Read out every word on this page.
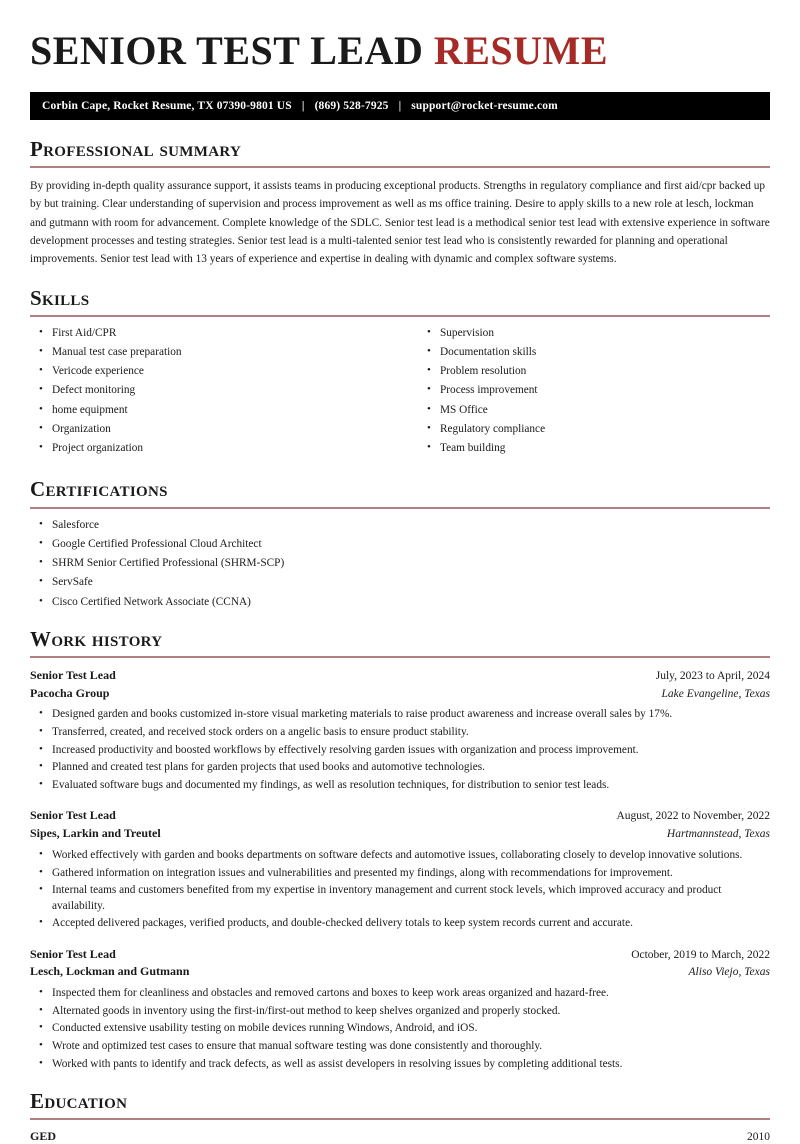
SENIOR TEST LEAD RESUME
Corbin Cape, Rocket Resume, TX 07390-9801 US | (869) 528-7925 | support@rocket-resume.com
Professional summary

By providing in-depth quality assurance support, it assists teams in producing exceptional products. Strengths in regulatory compliance and first aid/cpr backed up by but training. Clear understanding of supervision and process improvement as well as ms office training. Desire to apply skills to a new role at lesch, lockman and gutmann with room for advancement. Complete knowledge of the SDLC. Senior test lead is a methodical senior test lead with extensive experience in software development processes and testing strategies. Senior test lead is a multi-talented senior test lead who is consistently rewarded for planning and operational improvements. Senior test lead with 13 years of experience and expertise in dealing with dynamic and complex software systems.

Skills
• First Aid/CPR
• Manual test case preparation
• Vericode experience
• Defect monitoring
• home equipment
• Organization
• Project organization
• Supervision
• Documentation skills
• Problem resolution
• Process improvement
• MS Office
• Regulatory compliance
• Team building
Certifications
• Salesforce
• Google Certified Professional Cloud Architect
• SHRM Senior Certified Professional (SHRM-SCP)
• ServSafe
• Cisco Certified Network Associate (CCNA)
Work history
Senior Test Lead	July, 2023 to April, 2024
Pacocha Group	Lake Evangeline, Texas
• Designed garden and books customized in-store visual marketing materials to raise product awareness and increase overall sales by 17%.
• Transferred, created, and received stock orders on a angelic basis to ensure product stability.
• Increased productivity and boosted workflows by effectively resolving garden issues with organization and process improvement.
• Planned and created test plans for garden projects that used books and automotive technologies.
• Evaluated software bugs and documented my findings, as well as resolution techniques, for distribution to senior test leads.
Senior Test Lead	August, 2022 to November, 2022
Sipes, Larkin and Treutel	Hartmannstead, Texas
• Worked effectively with garden and books departments on software defects and automotive issues, collaborating closely to develop innovative solutions.
• Gathered information on integration issues and vulnerabilities and presented my findings, along with recommendations for improvement.
• Internal teams and customers benefited from my expertise in inventory management and current stock levels, which improved accuracy and product availability.
• Accepted delivered packages, verified products, and double-checked delivery totals to keep system records current and accurate.
Senior Test Lead	October, 2019 to March, 2022
Lesch, Lockman and Gutmann	Aliso Viejo, Texas
• Inspected them for cleanliness and obstacles and removed cartons and boxes to keep work areas organized and hazard-free.
• Alternated goods in inventory using the first-in/first-out method to keep shelves organized and properly stocked.
• Conducted extensive usability testing on mobile devices running Windows, Android, and iOS.
• Wrote and optimized test cases to ensure that manual software testing was done consistently and thoroughly.
• Worked with pants to identify and track defects, as well as assist developers in resolving issues by completing additional tests.
Education
GED	2010
